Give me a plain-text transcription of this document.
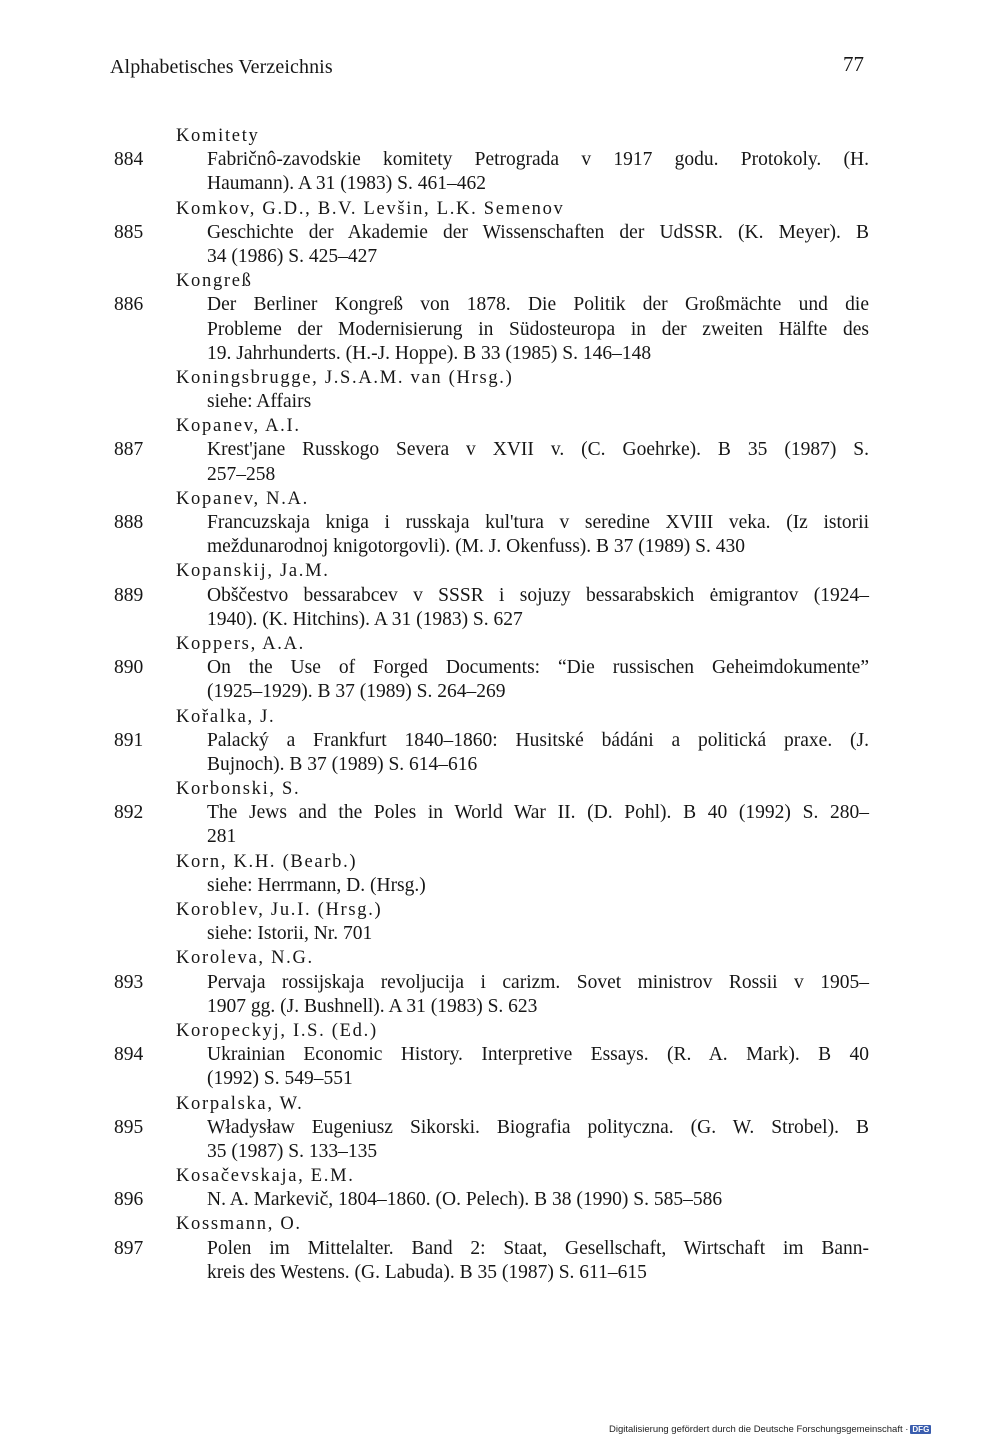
Alphabetisches Verzeichnis	77
Komitety
884	Fabričnô-zavodskie komitety Petrograda v 1917 godu. Protokoly. (H.
Haumann). A 31 (1983) S. 461–462
Komkov, G.D., B.V. Levšin, L.K. Semenov
885	Geschichte der Akademie der Wissenschaften der UdSSR. (K. Meyer). B
34 (1986) S. 425–427
Kongreß
886	Der Berliner Kongreß von 1878. Die Politik der Großmächte und die
Probleme der Modernisierung in Südosteuropa in der zweiten Hälfte des
19. Jahrhunderts. (H.-J. Hoppe). B 33 (1985) S. 146–148
Koningsbrugge, J.S.A.M. van (Hrsg.)
siehe: Affairs
Kopanev, A.I.
887	Krest'jane Russkogo Severa v XVII v. (C. Goehrke). B 35 (1987) S.
257–258
Kopanev, N.A.
888	Francuzskaja kniga i russkaja kul'tura v seredine XVIII veka. (Iz istorii
meždunarodnoj knigotorgovli). (M. J. Okenfuss). B 37 (1989) S. 430
Kopanskij, Ja.M.
889	Obščestvo bessarabcev v SSSR i sojuzy bessarabskich ėmigrantov (1924–
1940). (K. Hitchins). A 31 (1983) S. 627
Koppers, A.A.
890	On the Use of Forged Documents: “Die russischen Geheimdokumente”
(1925–1929). B 37 (1989) S. 264–269
Kořalka, J.
891	Palacký a Frankfurt 1840–1860: Husitské bádáni a politická praxe. (J.
Bujnoch). B 37 (1989) S. 614–616
Korbonski, S.
892	The Jews and the Poles in World War II. (D. Pohl). B 40 (1992) S. 280–
281
Korn, K.H. (Bearb.)
siehe: Herrmann, D. (Hrsg.)
Koroblev, Ju.I. (Hrsg.)
siehe: Istorii, Nr. 701
Koroleva, N.G.
893	Pervaja rossijskaja revoljucija i carizm. Sovet ministrov Rossii v 1905–
1907 gg. (J. Bushnell). A 31 (1983) S. 623
Koropeckyj, I.S. (Ed.)
894	Ukrainian Economic History. Interpretive Essays. (R. A. Mark). B 40
(1992) S. 549–551
Korpalska, W.
895	Władysław Eugeniusz Sikorski. Biografia polityczna. (G. W. Strobel). B
35 (1987) S. 133–135
Kosačevskaja, E.M.
896	N. A. Markevič, 1804–1860. (O. Pelech). B 38 (1990) S. 585–586
Kossmann, O.
897	Polen im Mittelalter. Band 2: Staat, Gesellschaft, Wirtschaft im Bann-
kreis des Westens. (G. Labuda). B 35 (1987) S. 611–615
Digitalisierung gefördert durch die Deutsche Forschungsgemeinschaft · DFG
